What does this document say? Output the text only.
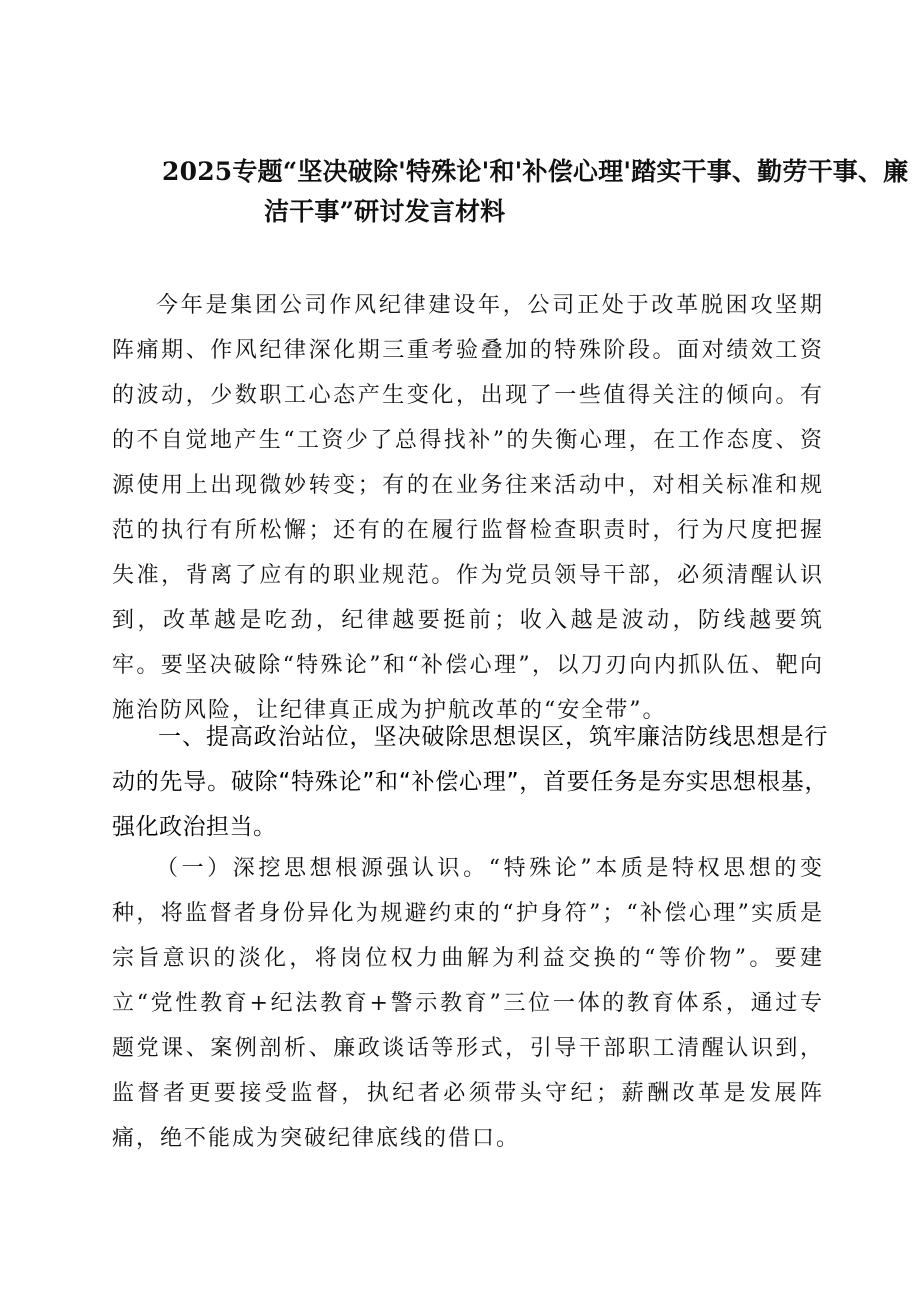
2025专题“坚决破除'特殊论'和'补偿心理'踏实干事、勤劳干事、廉
洁干事”研讨发言材料

今年是集团公司作风纪律建设年，公司正处于改革脱困攻坚期阵痛期、作风纪律深化期三重考验叠加的特殊阶段。面对绩效工资的波动，少数职工心态产生变化，出现了一些值得关注的倾向。有的不自觉地产生“工资少了总得找补”的失衡心理，在工作态度、资源使用上出现微妙转变；有的在业务往来活动中，对相关标准和规范的执行有所松懈；还有的在履行监督检查职责时，行为尺度把握失准，背离了应有的职业规范。作为党员领导干部，必须清醒认识到，改革越是吃劲，纪律越要挺前；收入越是波动，防线越要筑牢。要坚决破除“特殊论”和“补偿心理”，以刀刃向内抓队伍、靶向施治防风险，让纪律真正成为护航改革的“安全带”。

一、提高政治站位，坚决破除思想误区，筑牢廉洁防线思想是行动的先导。破除“特殊论”和“补偿心理”，首要任务是夯实思想根基，强化政治担当。

（一）深挖思想根源强认识。“特殊论”本质是特权思想的变种，将监督者身份异化为规避约束的“护身符”；“补偿心理”实质是宗旨意识的淡化，将岗位权力曲解为利益交换的“等价物”。要建立“党性教育+纪法教育+警示教育”三位一体的教育体系，通过专题党课、案例剖析、廉政谈话等形式，引导干部职工清醒认识到，监督者更要接受监督，执纪者必须带头守纪；薪酬改革是发展阵痛，绝不能成为突破纪律底线的借口。
